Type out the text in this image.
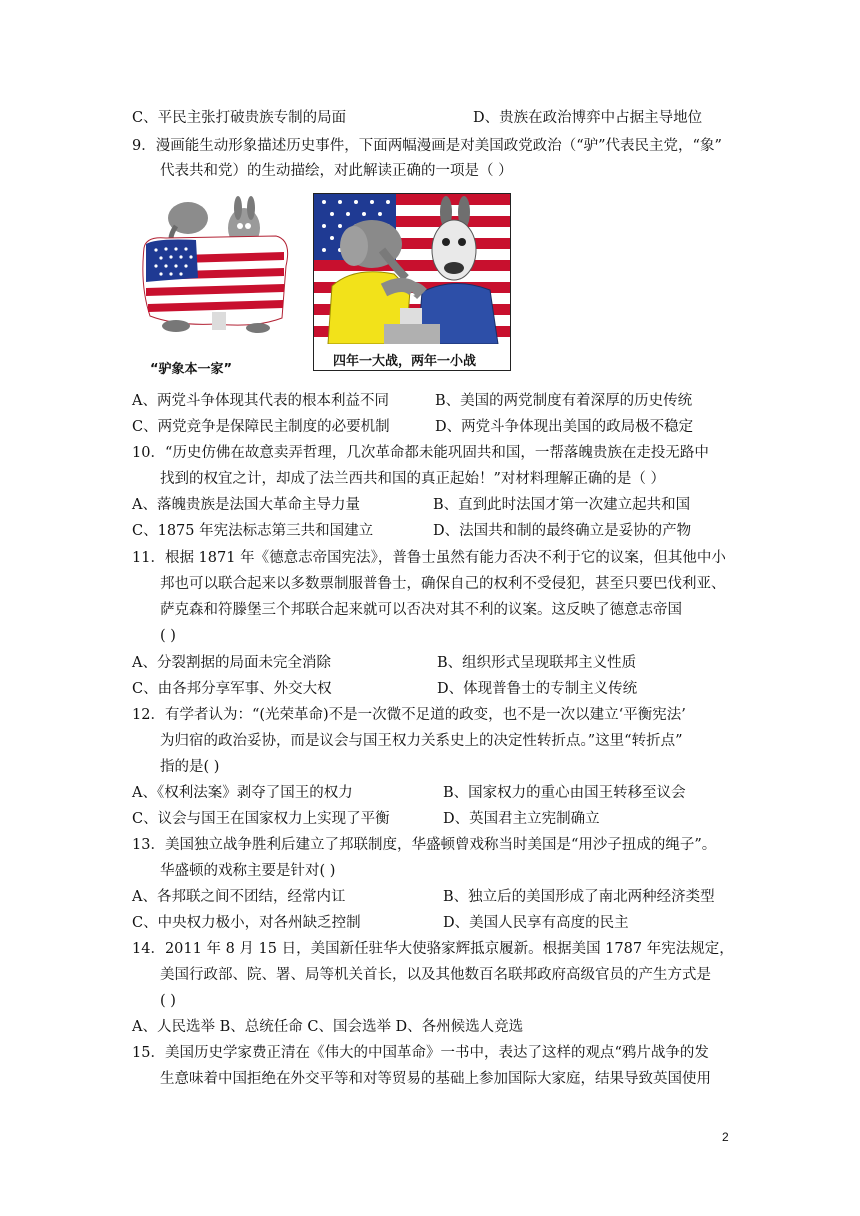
C、平民主张打破贵族专制的局面	D、贵族在政治博弈中占据主导地位
9．漫画能生动形象描述历史事件，下面两幅漫画是对美国政党政治（“驴”代表民主党，“象”
代表共和党）的生动描绘，对此解读正确的一项是（ ）
“驴象本一家”
四年一大战，两年一小战
A、两党斗争体现其代表的根本利益不同	B、美国的两党制度有着深厚的历史传统
C、两党竞争是保障民主制度的必要机制	D、两党斗争体现出美国的政局极不稳定
10．“历史仿佛在故意卖弄哲理，几次革命都未能巩固共和国，一帮落魄贵族在走投无路中
找到的权宜之计，却成了法兰西共和国的真正起始！”对材料理解正确的是（ ）
A、落魄贵族是法国大革命主导力量	B、直到此时法国才第一次建立起共和国
C、1875 年宪法标志第三共和国建立	D、法国共和制的最终确立是妥协的产物
11．根据 1871 年《德意志帝国宪法》，普鲁士虽然有能力否决不利于它的议案，但其他中小
邦也可以联合起来以多数票制服普鲁士，确保自己的权利不受侵犯，甚至只要巴伐利亚、
萨克森和符滕堡三个邦联合起来就可以否决对其不利的议案。这反映了德意志帝国
( )
A、分裂割据的局面未完全消除	B、组织形式呈现联邦主义性质
C、由各邦分享军事、外交大权	D、体现普鲁士的专制主义传统
12．有学者认为：“(光荣革命)不是一次微不足道的政变，也不是一次以建立‘平衡宪法’
为归宿的政治妥协，而是议会与国王权力关系史上的决定性转折点。”这里“转折点”
指的是( )
A、《权利法案》剥夺了国王的权力	B、国家权力的重心由国王转移至议会
C、议会与国王在国家权力上实现了平衡	D、英国君主立宪制确立
13．美国独立战争胜利后建立了邦联制度，华盛顿曾戏称当时美国是“用沙子扭成的绳子”。
华盛顿的戏称主要是针对( )
A、各邦联之间不团结，经常内讧	B、独立后的美国形成了南北两种经济类型
C、中央权力极小，对各州缺乏控制	D、美国人民享有高度的民主
14．2011 年 8 月 15 日，美国新任驻华大使骆家辉抵京履新。根据美国 1787 年宪法规定，
美国行政部、院、署、局等机关首长，以及其他数百名联邦政府高级官员的产生方式是
( )
A、人民选举 B、总统任命 C、国会选举 D、各州候选人竞选
15．美国历史学家费正清在《伟大的中国革命》一书中，表达了这样的观点“鸦片战争的发
生意味着中国拒绝在外交平等和对等贸易的基础上参加国际大家庭，结果导致英国使用
2
